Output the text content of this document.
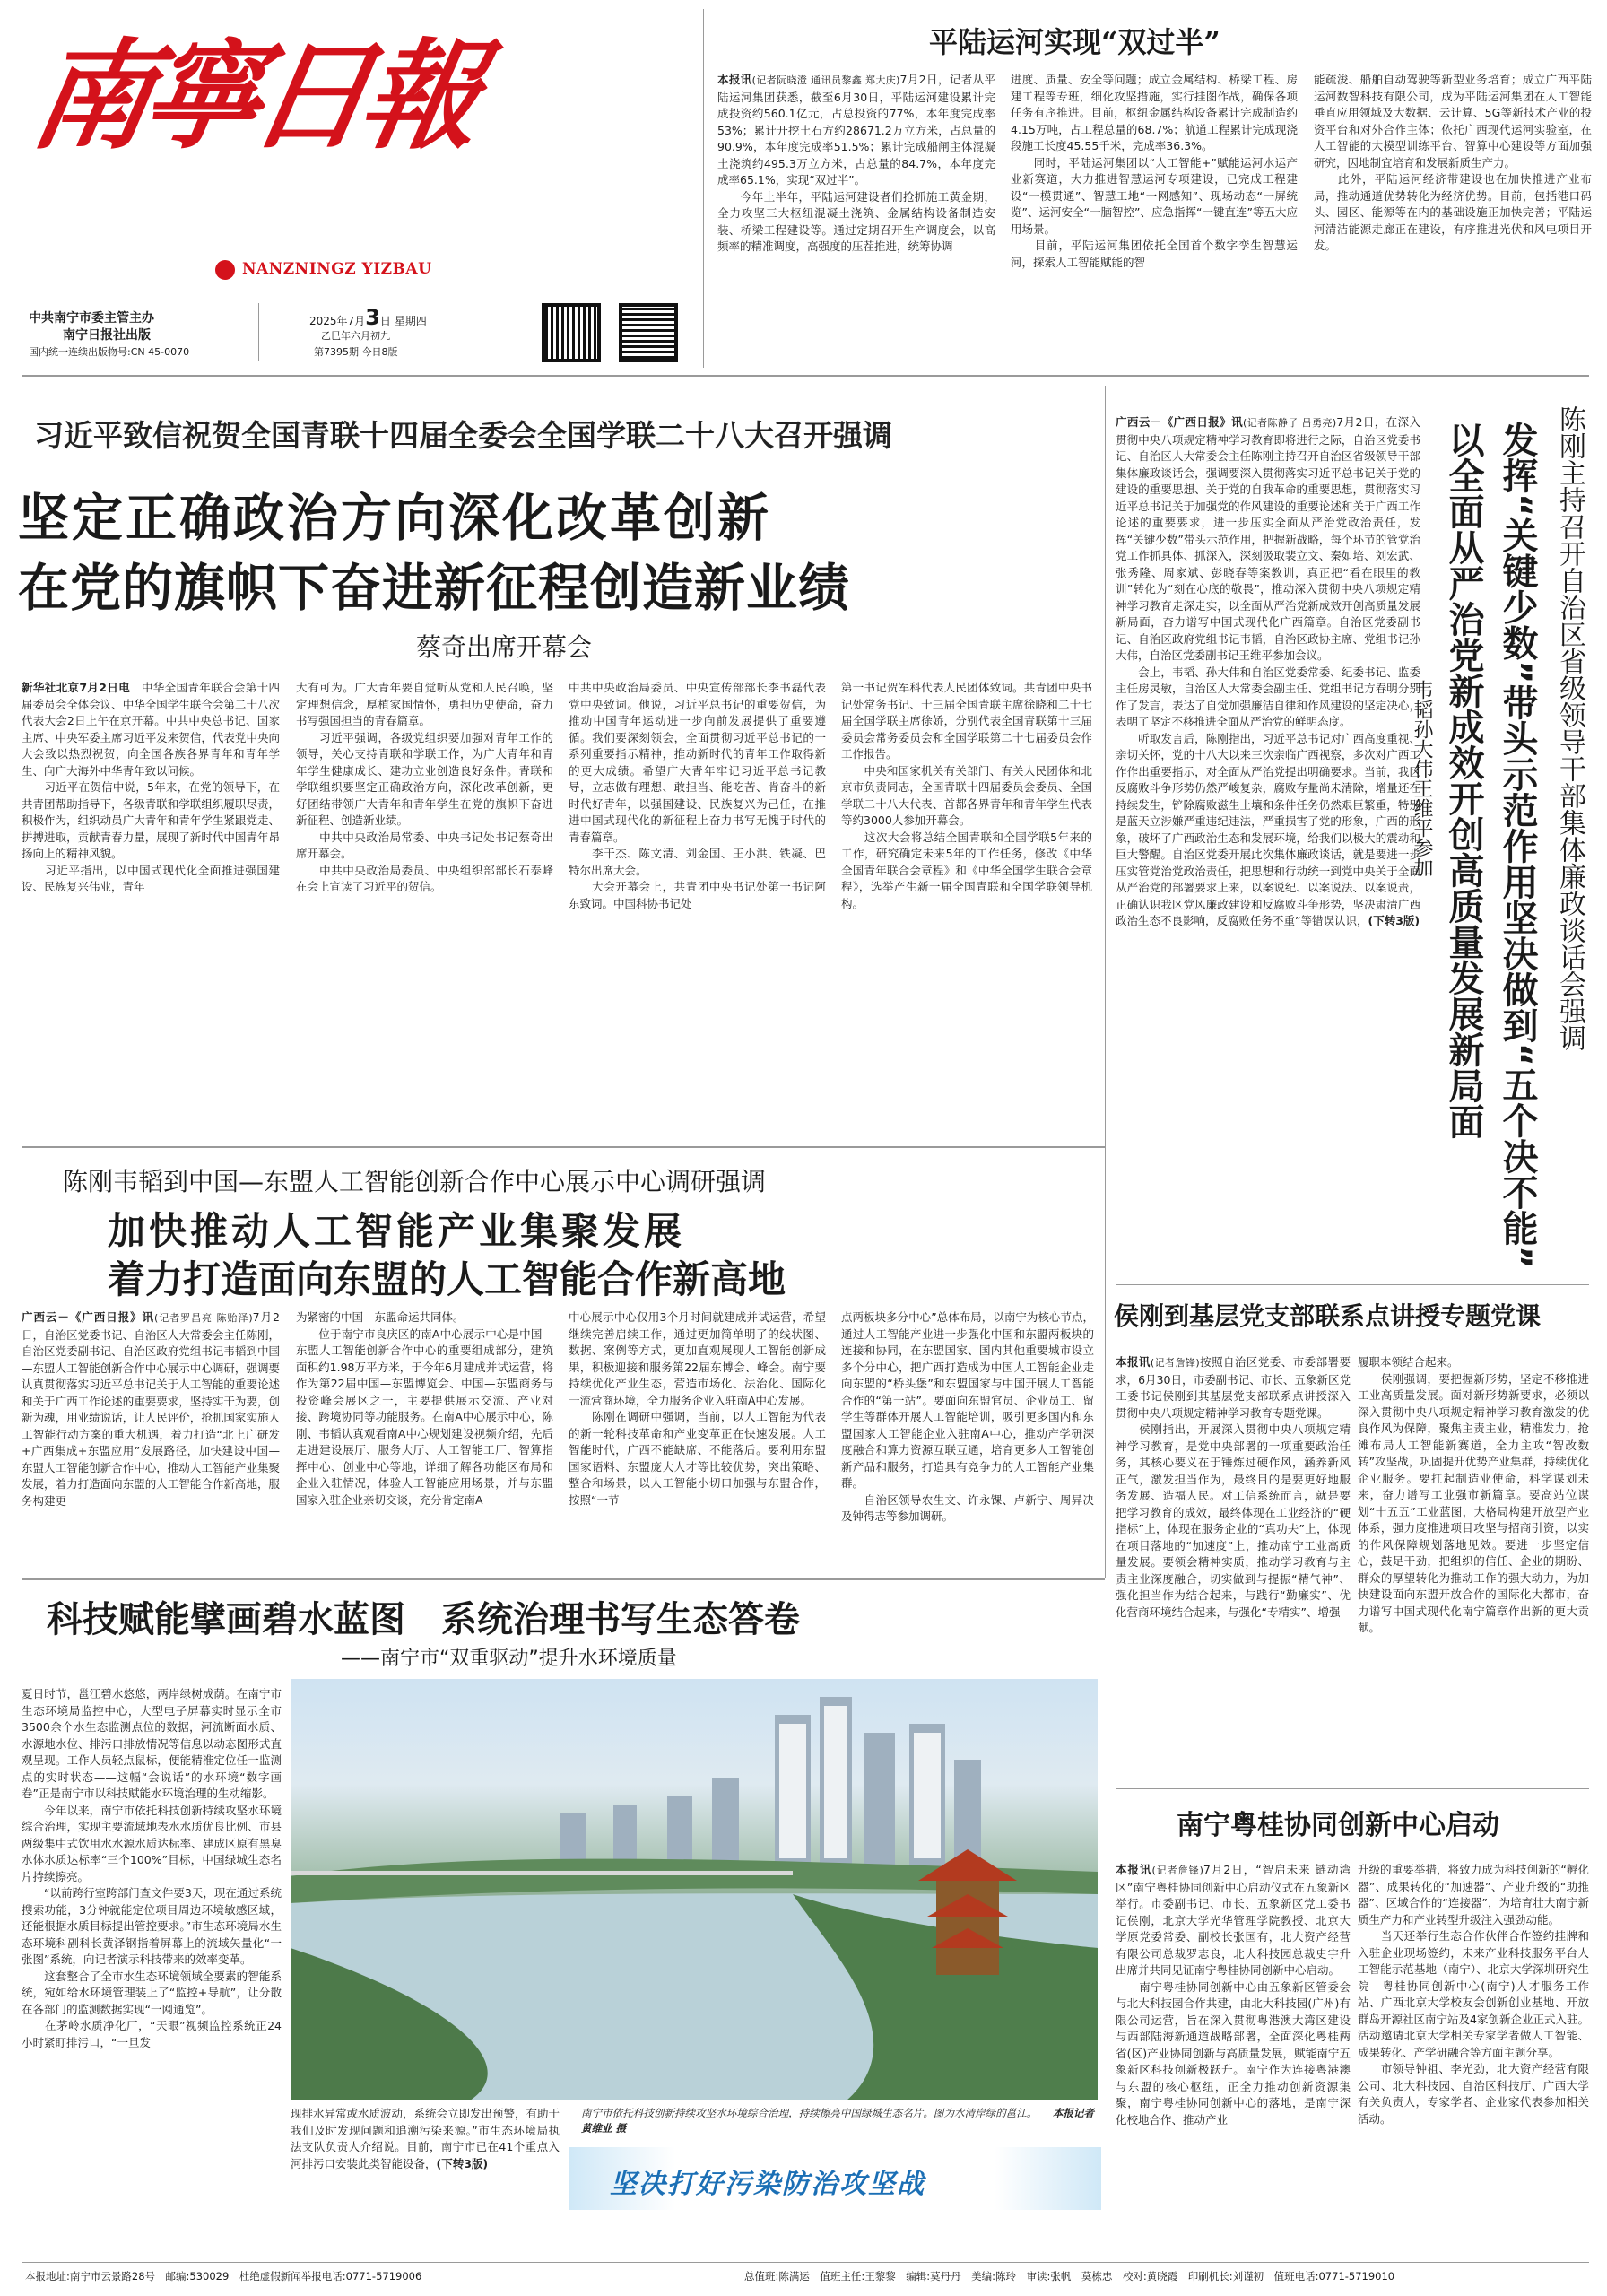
南寧日報
NANZNINGZ YIZBAU
中共南宁市委主管主办
南宁日报社出版
国内统一连续出版物号:CN 45-0070
2025年7月3日 星期四
乙巳年六月初九
第7395期 今日8版
平陆运河实现“双过半”
本报讯(记者阮晓澄 通讯员黎鑫 郑大庆)7月2日，记者从平陆运河集团获悉，截至6月30日，平陆运河建设累计完成投资约560.1亿元，占总投资的77%，本年度完成率53%；累计开挖土石方约28671.2万立方米，占总量的90.9%，本年度完成率51.5%；累计完成船闸主体混凝土浇筑约495.3万立方米，占总量的84.7%，本年度完成率65.1%，实现“双过半”。
　　今年上半年，平陆运河建设者们抢抓施工黄金期，全力攻坚三大枢纽混凝土浇筑、金属结构设备制造安装、桥梁工程建设等。通过定期召开生产调度会，以高频率的精准调度，高强度的压茬推进，统筹协调
进度、质量、安全等问题；成立金属结构、桥梁工程、房建工程等专班，细化攻坚措施，实行挂图作战，确保各项任务有序推进。目前，枢纽金属结构设备累计完成制造约4.15万吨，占工程总量的68.7%；航道工程累计完成现浇段施工长度45.55千米，完成率36.3%。
　　同时，平陆运河集团以“人工智能+”赋能运河水运产业新赛道，大力推进智慧运河专项建设，已完成工程建设“一模贯通”、智慧工地“一网感知”、现场动态“一屏统览”、运河安全“一脑智控”、应急指挥“一键直连”等五大应用场景。
　　目前，平陆运河集团依托全国首个数字孪生智慧运河，探索人工智能赋能的智
能疏浚、船舶自动驾驶等新型业务培育；成立广西平陆运河数智科技有限公司，成为平陆运河集团在人工智能垂直应用领域及大数据、云计算、5G等新技术产业的投资平台和对外合作主体；依托广西现代运河实验室，在人工智能的大模型训练平台、智算中心建设等方面加强研究，因地制宜培育和发展新质生产力。
　　此外，平陆运河经济带建设也在加快推进产业布局，推动通道优势转化为经济优势。目前，包括港口码头、园区、能源等在内的基础设施正加快完善；平陆运河清洁能源走廊正在建设，有序推进光伏和风电项目开发。
习近平致信祝贺全国青联十四届全委会全国学联二十八大召开强调
坚定正确政治方向深化改革创新
在党的旗帜下奋进新征程创造新业绩
蔡奇出席开幕会
新华社北京7月2日电　 中华全国青年联合会第十四届委员会全体会议、中华全国学生联合会第二十八次代表大会2日上午在京开幕。中共中央总书记、国家主席、中央军委主席习近平发来贺信，代表党中央向大会致以热烈祝贺，向全国各族各界青年和青年学生、向广大海外中华青年致以问候。
　　习近平在贺信中说，5年来，在党的领导下，在共青团帮助指导下，各级青联和学联组织履职尽责，积极作为，组织动员广大青年和青年学生紧跟党走、拼搏进取，贡献青春力量，展现了新时代中国青年昂扬向上的精神风貌。
　　习近平指出，以中国式现代化全面推进强国建设、民族复兴伟业，青年
大有可为。广大青年要自觉听从党和人民召唤，坚定理想信念，厚植家国情怀，勇担历史使命，奋力书写强国担当的青春篇章。
　　习近平强调，各级党组织要加强对青年工作的领导，关心支持青联和学联工作，为广大青年和青年学生健康成长、建功立业创造良好条件。青联和学联组织要坚定正确政治方向，深化改革创新，更好团结带领广大青年和青年学生在党的旗帜下奋进新征程、创造新业绩。
　　中共中央政治局常委、中央书记处书记蔡奇出席开幕会。
　　中共中央政治局委员、中央组织部部长石泰峰在会上宣读了习近平的贺信。
中共中央政治局委员、中央宣传部部长李书磊代表党中央致词。他说，习近平总书记的重要贺信，为推动中国青年运动进一步向前发展提供了重要遵循。我们要深刻领会，全面贯彻习近平总书记的一系列重要指示精神，推动新时代的青年工作取得新的更大成绩。希望广大青年牢记习近平总书记教导，立志做有理想、敢担当、能吃苦、肯奋斗的新时代好青年，以强国建设、民族复兴为己任，在推进中国式现代化的新征程上奋力书写无愧于时代的青春篇章。
　　李干杰、陈文清、刘金国、王小洪、铁凝、巴特尔出席大会。
　　大会开幕会上，共青团中央书记处第一书记阿东致词。中国科协书记处
第一书记贺军科代表人民团体致词。共青团中央书记处常务书记、十三届全国青联主席徐晓和二十七届全国学联主席徐娇，分别代表全国青联第十三届委员会常务委员会和全国学联第二十七届委员会作工作报告。
　　中央和国家机关有关部门、有关人民团体和北京市负责同志，全国青联十四届委员会委员、全国学联二十八大代表、首都各界青年和青年学生代表等约3000人参加开幕会。
　　这次大会将总结全国青联和全国学联5年来的工作，研究确定未来5年的工作任务，修改《中华全国青年联合会章程》和《中华全国学生联合会章程》，选举产生新一届全国青联和全国学联领导机构。
广西云－《广西日报》讯(记者陈静子 吕勇亮)7月2日，在深入贯彻中央八项规定精神学习教育即将进行之际，自治区党委书记、自治区人大常委会主任陈刚主持召开自治区省级领导干部集体廉政谈话会，强调要深入贯彻落实习近平总书记关于党的建设的重要思想、关于党的自我革命的重要思想，贯彻落实习近平总书记关于加强党的作风建设的重要论述和关于广西工作论述的重要要求，进一步压实全面从严治党政治责任，发挥“关键少数”带头示范作用，把握新战略，每个环节的管党治党工作抓具体、抓深入，深刻汲取裴立文、秦如培、刘宏武、张秀隆、周家斌、彭晓春等案教训，真正把“看在眼里的教训”转化为“刻在心底的敬畏”，推动深入贯彻中央八项规定精神学习教育走深走实，以全面从严治党新成效开创高质量发展新局面，奋力谱写中国式现代化广西篇章。自治区党委副书记、自治区政府党组书记韦韬，自治区政协主席、党组书记孙大伟，自治区党委副书记王维平参加会议。
　　会上，韦韬、孙大伟和自治区党委常委、纪委书记、监委主任房灵敏，自治区人大常委会副主任、党组书记方春明分别作了发言，表达了自觉加强廉洁自律和作风建设的坚定决心，表明了坚定不移推进全面从严治党的鲜明态度。
　　听取发言后，陈刚指出，习近平总书记对广西高度重视、亲切关怀，党的十八大以来三次亲临广西视察，多次对广西工作作出重要指示，对全面从严治党提出明确要求。当前，我区反腐败斗争形势仍然严峻复杂，腐败存量尚未清除，增量还在持续发生，铲除腐败滋生土壤和条件任务仍然艰巨繁重，特别是蓝天立涉嫌严重违纪违法，严重损害了党的形象，广西的形象，破坏了广西政治生态和发展环境，给我们以极大的震动和巨大警醒。自治区党委开展此次集体廉政谈话，就是要进一步压实管党治党政治责任，把思想和行动统一到党中央关于全面从严治党的部署要求上来，以案说纪、以案说法、以案说责，正确认识我区党风廉政建设和反腐败斗争形势，坚决肃清广西政治生态不良影响，反腐败任务不重”等错误认识，(下转3版)	陈刚主持召开自治区省级领导干部集体廉政谈话会强调
发挥“关键少数”带头示范作用坚决做到“五个决不能”
以全面从严治党新成效开创高质量发展新局面
韦韬孙大伟王维平参加
陈刚韦韬到中国—东盟人工智能创新合作中心展示中心调研强调
加快推动人工智能产业集聚发展
着力打造面向东盟的人工智能合作新高地
广西云－《广西日报》讯(记者罗昌亮 陈贻泽)7月2日，自治区党委书记、自治区人大常委会主任陈刚，自治区党委副书记、自治区政府党组书记韦韬到中国—东盟人工智能创新合作中心展示中心调研，强调要认真贯彻落实习近平总书记关于人工智能的重要论述和关于广西工作论述的重要要求，坚持实干为要，创新为魂，用业绩说话，让人民评价，抢抓国家实施人工智能行动方案的重大机遇，着力打造“北上广研发+广西集成+东盟应用”发展路径，加快建设中国—东盟人工智能创新合作中心，推动人工智能产业集聚发展，着力打造面向东盟的人工智能合作新高地，服务构建更
为紧密的中国—东盟命运共同体。
　　位于南宁市良庆区的南A中心展示中心是中国—东盟人工智能创新合作中心的重要组成部分，建筑面积约1.98万平方米，于今年6月建成并试运营，将作为第22届中国—东盟博览会、中国—东盟商务与投资峰会展区之一，主要提供展示交流、产业对接、跨境协同等功能服务。在南A中心展示中心，陈刚、韦韬认真观看南A中心规划建设视频介绍，先后走进建设展厅、服务大厅、人工智能工厂、智算指挥中心、创业中心等地，详细了解各功能区布局和企业入驻情况，体验人工智能应用场景，并与东盟国家入驻企业亲切交谈，充分肯定南A
中心展示中心仅用3个月时间就建成并试运营，希望继续完善启续工作，通过更加简单明了的线状图、数据、案例等方式，更加直观展现人工智能创新成果，积极迎接和服务第22届东博会、峰会。南宁要持续优化产业生态，营造市场化、法治化、国际化一流营商环境，全力服务企业入驻南A中心发展。
　　陈刚在调研中强调，当前，以人工智能为代表的新一轮科技革命和产业变革正在快速发展。人工智能时代，广西不能缺席、不能落后。要利用东盟国家语料、东盟庞大人才等比较优势，突出策略、整合和场景，以人工智能小切口加强与东盟合作，按照“一节
点两板块多分中心”总体布局，以南宁为核心节点，通过人工智能产业进一步强化中国和东盟两板块的连接和协同，在东盟国家、国内其他重要城市设立多个分中心，把广西打造成为中国人工智能企业走向东盟的“桥头堡”和东盟国家与中国开展人工智能合作的“第一站”。要面向东盟官员、企业员工、留学生等群体开展人工智能培训，吸引更多国内和东盟国家人工智能企业入驻南A中心，推动产学研深度融合和算力资源互联互通，培育更多人工智能创新产品和服务，打造具有竞争力的人工智能产业集群。
　　自治区领导农生文、许永锞、卢新宁、周异决及钟得志等参加调研。
侯刚到基层党支部联系点讲授专题党课
本报讯(记者詹锋)按照自治区党委、市委部署要求，6月30日，市委副书记、市长、五象新区党工委书记侯刚到其基层党支部联系点讲授深入贯彻中央八项规定精神学习教育专题党课。
　　侯刚指出，开展深入贯彻中央八项规定精神学习教育，是党中央部署的一项重要政治任务，其核心要义在于锤炼过硬作风，涵养新风正气，激发担当作为，最终目的是要更好地服务发展、造福人民。对工信系统而言，就是要把学习教育的成效，最终体现在工业经济的“硬指标”上，体现在服务企业的“真功夫”上，体现在项目落地的“加速度”上，推动南宁工业高质量发展。要领会精神实质，推动学习教育与主责主业深度融合，切实做到与提振“精气神”、强化担当作为结合起来，与践行“勤廉实”、优化营商环境结合起来，与强化“专精实”、增强
履职本领结合起来。
　　侯刚强调，要把握新形势，坚定不移推进工业高质量发展。面对新形势新要求，必须以深入贯彻中央八项规定精神学习教育激发的优良作风为保障，聚焦主责主业，精准发力，抢滩布局人工智能新赛道，全力主攻“智改数转”攻坚战，巩固提升优势产业集群，持续优化企业服务。要扛起制造业使命，科学谋划未来，奋力谱写工业强市新篇章。要高站位谋划“十五五”工业蓝图，大格局构建开放型产业体系，强力度推进项目攻坚与招商引资，以实的作风保障规划落地见效。要进一步坚定信心，鼓足干劲，把组织的信任、企业的期盼、群众的厚望转化为推动工作的强大动力，为加快建设面向东盟开放合作的国际化大都市，奋力谱写中国式现代化南宁篇章作出新的更大贡献。
南宁粤桂协同创新中心启动
本报讯(记者詹锋)7月2日，“智启未来 链动湾区”南宁粤桂协同创新中心启动仪式在五象新区举行。市委副书记、市长、五象新区党工委书记侯刚，北京大学光华管理学院教授、北京大学原党委常委、副校长张国有，北大资产经营有限公司总裁罗志良，北大科技园总裁史宇升出席并共同见证南宁粤桂协同创新中心启动。
　　南宁粤桂协同创新中心由五象新区管委会与北大科技园合作共建，由北大科技园(广州)有限公司运营，旨在深入贯彻粤港澳大湾区建设与西部陆海新通道战略部署，全面深化粤桂两省(区)产业协同创新与高质量发展，赋能南宁五象新区科技创新极跃升。南宁作为连接粤港澳与东盟的核心枢纽，正全力推动创新资源集聚，南宁粤桂协同创新中心的落地，是南宁深化校地合作、推动产业
升级的重要举措，将致力成为科技创新的“孵化器”、成果转化的“加速器”、产业升级的“助推器”、区域合作的“连接器”，为培育壮大南宁新质生产力和产业转型升级注入强劲动能。
　　当天还举行生态合作伙伴合作签约挂牌和入驻企业现场签约，未来产业科技服务平台人工智能示范基地（南宁）、北京大学深圳研究生院—粤桂协同创新中心(南宁)人才服务工作站、广西北京大学校友会创新创业基地、开放群岛开源社区南宁站及4家创新企业正式入驻。活动邀请北京大学相关专家学者做人工智能、成果转化、产学研融合等方面主题分享。
　　市领导钟祖、李光劲，北大资产经营有限公司、北大科技园、自治区科技厅、广西大学有关负责人，专家学者、企业家代表参加相关活动。
科技赋能擘画碧水蓝图　系统治理书写生态答卷
——南宁市“双重驱动”提升水环境质量
夏日时节，邕江碧水悠悠，两岸绿树成荫。在南宁市生态环境局监控中心，大型电子屏幕实时显示全市3500余个水生态监测点位的数据，河流断面水质、水源地水位、排污口排放情况等信息以动态图形式直观呈现。工作人员轻点鼠标，便能精准定位任一监测点的实时状态——这幅“会说话”的水环境“数字画卷”正是南宁市以科技赋能水环境治理的生动缩影。
　　今年以来，南宁市依托科技创新持续攻坚水环境综合治理，实现主要流域地表水水质优良比例、市县两级集中式饮用水水源水质达标率、建成区原有黑臭水体水质达标率“三个100%”目标，中国绿城生态名片持续擦亮。
　　“以前跨行室跨部门查文件要3天，现在通过系统搜索功能，3分钟就能定位项目周边环境敏感区域，还能根据水质目标提出管控要求。”市生态环境局水生态环境科副科长黄泽钢指着屏幕上的流域矢量化“一张图”系统，向记者演示科技带来的效率变革。
　　这套整合了全市水生态环境领域全要素的智能系统，宛如给水环境管理装上了“监控+导航”，让分散在各部门的监测数据实现“一网通览”。
　　在茅岭水质净化厂，“天眼”视频监控系统正24小时紧盯排污口，“一旦发
南宁市依托科技创新持续攻坚水环境综合治理，持续擦亮中国绿城生态名片。图为水清岸绿的邕江。　　 本报记者黄维业 摄
现排水异常或水质波动，系统会立即发出预警，有助于我们及时发现问题和追溯污染来源。”市生态环境局执法支队负责人介绍说。目前，南宁市已在41个重点入河排污口安装此类智能设备，(下转3版)
坚决打好污染防治攻坚战
本报地址:南宁市云景路28号　邮编:530029　杜绝虚假新闻举报电话:0771-5719006	总值班:陈满运　值班主任:王黎黎　编辑:莫丹丹　美编:陈玲　审读:张帆　莫栋忠　校对:黄晓霞　印刷机长:刘谨初　值班电话:0771-5719010
